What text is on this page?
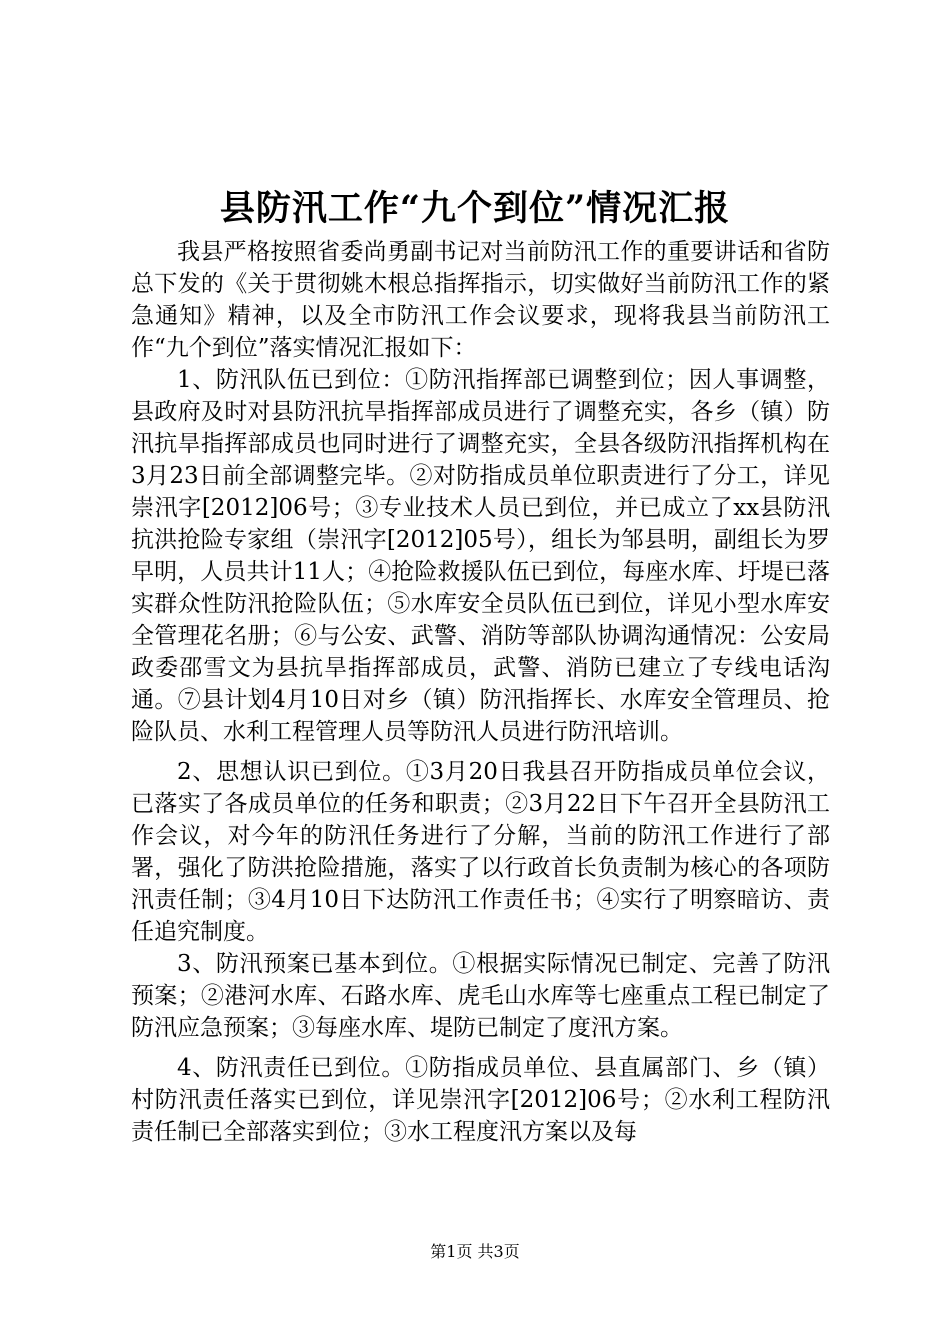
县防汛工作“九个到位”情况汇报

我县严格按照省委尚勇副书记对当前防汛工作的重要讲话和省防总下发的《关于贯彻姚木根总指挥指示，切实做好当前防汛工作的紧急通知》精神，以及全市防汛工作会议要求，现将我县当前防汛工作“九个到位”落实情况汇报如下：

1、防汛队伍已到位：①防汛指挥部已调整到位；因人事调整，县政府及时对县防汛抗旱指挥部成员进行了调整充实，各乡（镇）防汛抗旱指挥部成员也同时进行了调整充实，全县各级防汛指挥机构在3月23日前全部调整完毕。②对防指成员单位职责进行了分工，详见崇汛字[2012]06号；③专业技术人员已到位，并已成立了xx县防汛抗洪抢险专家组（崇汛字[2012]05号），组长为邹县明，副组长为罗早明，人员共计11人；④抢险救援队伍已到位，每座水库、圩堤已落实群众性防汛抢险队伍；⑤水库安全员队伍已到位，详见小型水库安全管理花名册；⑥与公安、武警、消防等部队协调沟通情况：公安局政委邵雪文为县抗旱指挥部成员，武警、消防已建立了专线电话沟通。⑦县计划4月10日对乡（镇）防汛指挥长、水库安全管理员、抢险队员、水利工程管理人员等防汛人员进行防汛培训。

2、思想认识已到位。①3月20日我县召开防指成员单位会议，已落实了各成员单位的任务和职责；②3月22日下午召开全县防汛工作会议，对今年的防汛任务进行了分解，当前的防汛工作进行了部署，强化了防洪抢险措施，落实了以行政首长负责制为核心的各项防汛责任制；③4月10日下达防汛工作责任书；④实行了明察暗访、责任追究制度。

3、防汛预案已基本到位。①根据实际情况已制定、完善了防汛预案；②港河水库、石路水库、虎毛山水库等七座重点工程已制定了防汛应急预案；③每座水库、堤防已制定了度汛方案。

4、防汛责任已到位。①防指成员单位、县直属部门、乡（镇）村防汛责任落实已到位，详见崇汛字[2012]06号；②水利工程防汛责任制已全部落实到位；③水工程度汛方案以及每

第1页 共3页
